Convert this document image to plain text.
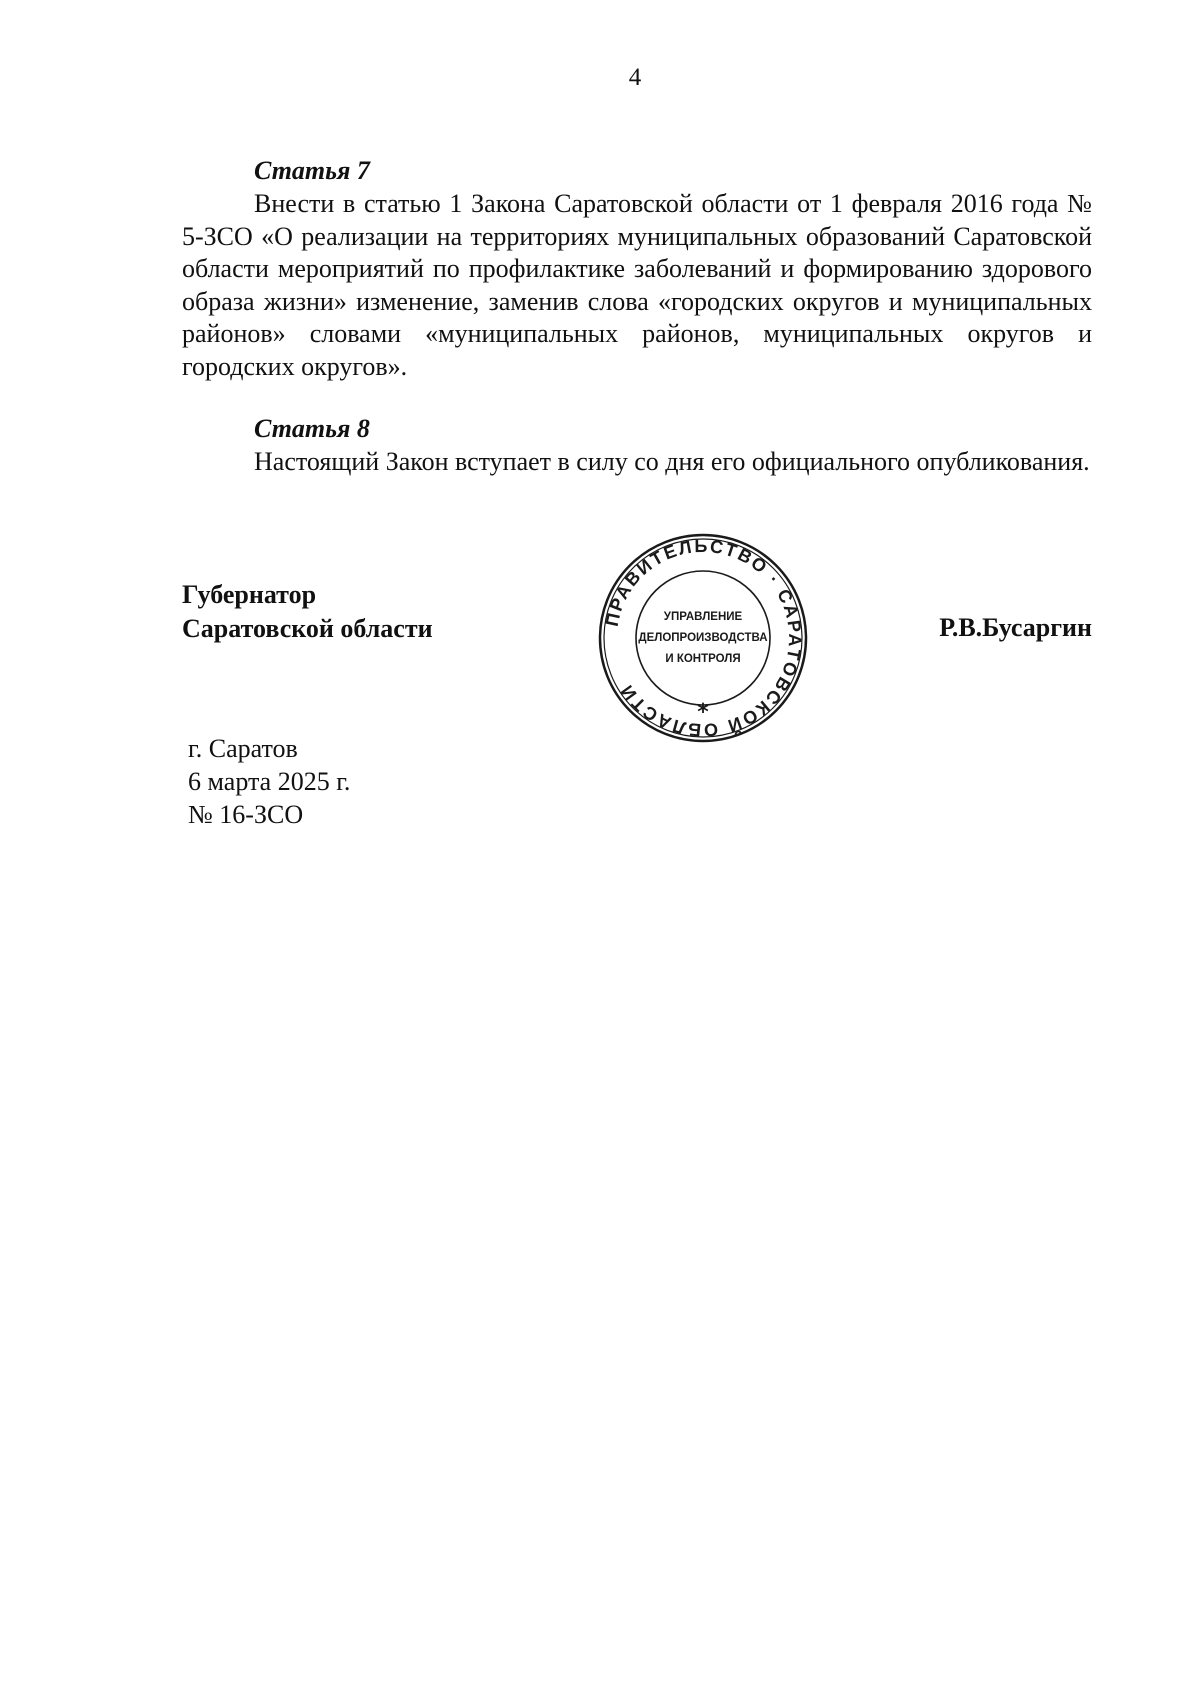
4
Статья 7

Внести в статью 1 Закона Саратовской области от 1 февраля 2016 года № 5-ЗСО «О реализации на территориях муниципальных образований Саратовской области мероприятий по профилактике заболеваний и формированию здорового образа жизни» изменение, заменив слова «городских округов и муниципальных районов» словами «муниципальных районов, муниципальных округов и городских округов».

Статья 8

Настоящий Закон вступает в силу со дня его официального опубликования.

Губернатор
Саратовской области	ПРАВИТЕЛЬСТВО · САРАТОВСКОЙ ОБЛАСТИ
*
УПРАВЛЕНИЕ
ДЕЛОПРОИЗВОДСТВА
И КОНТРОЛЯ
Р.В.Бусаргин
г. Саратов
6 марта 2025 г.
№ 16-ЗСО
